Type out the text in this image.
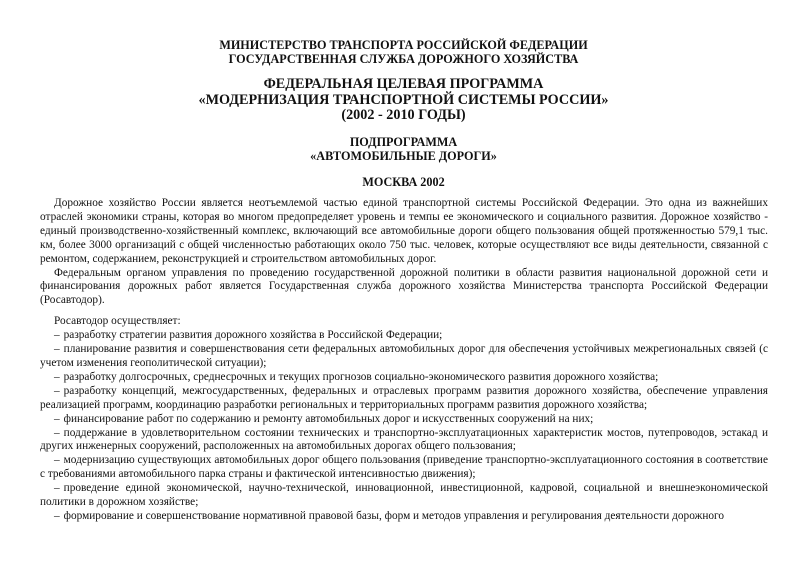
МИНИСТЕРСТВО ТРАНСПОРТА РОССИЙСКОЙ ФЕДЕРАЦИИ
ГОСУДАРСТВЕННАЯ СЛУЖБА ДОРОЖНОГО ХОЗЯЙСТВА
ФЕДЕРАЛЬНАЯ ЦЕЛЕВАЯ ПРОГРАММА
«МОДЕРНИЗАЦИЯ ТРАНСПОРТНОЙ СИСТЕМЫ РОССИИ»
(2002 - 2010 ГОДЫ)
ПОДПРОГРАММА
«АВТОМОБИЛЬНЫЕ ДОРОГИ»
МОСКВА 2002

Дорожное хозяйство России является неотъемлемой частью единой транспортной системы Российской Федерации. Это одна из важнейших отраслей экономики страны, которая во многом предопределяет уровень и темпы ее экономического и социального развития. Дорожное хозяйство - единый производственно-хозяйственный комплекс, включающий все автомобильные дороги общего пользования общей протяженностью 579,1 тыс. км, более 3000 организаций с общей численностью работающих около 750 тыс. человек, которые осуществляют все виды деятельности, связанной с ремонтом, содержанием, реконструкцией и строительством автомобильных дорог.

Федеральным органом управления по проведению государственной дорожной политики в области развития национальной дорожной сети и финансирования дорожных работ является Государственная служба дорожного хозяйства Министерства транспорта Российской Федерации (Росавтодор).

Росавтодор осуществляет:

– разработку стратегии развития дорожного хозяйства в Российской Федерации;

– планирование развития и совершенствования сети федеральных автомобильных дорог для обеспечения устойчивых межрегиональных связей (с учетом изменения геополитической ситуации);

– разработку долгосрочных, среднесрочных и текущих прогнозов социально-экономического развития дорожного хозяйства;

– разработку концепций, межгосударственных, федеральных и отраслевых программ развития дорожного хозяйства, обеспечение управления реализацией программ, координацию разработки региональных и территориальных программ развития дорожного хозяйства;

– финансирование работ по содержанию и ремонту автомобильных дорог и искусственных сооружений на них;

– поддержание в удовлетворительном состоянии технических и транспортно-эксплуатационных характеристик мостов, путепроводов, эстакад и других инженерных сооружений, расположенных на автомобильных дорогах общего пользования;

– модернизацию существующих автомобильных дорог общего пользования (приведение транспортно-эксплуатационного состояния в соответствие с требованиями автомобильного парка страны и фактической интенсивностью движения);

– проведение единой экономической, научно-технической, инновационной, инвестиционной, кадровой, социальной и внешнеэкономической политики в дорожном хозяйстве;

– формирование и совершенствование нормативной правовой базы, форм и методов управления и регулирования деятельности дорожного
